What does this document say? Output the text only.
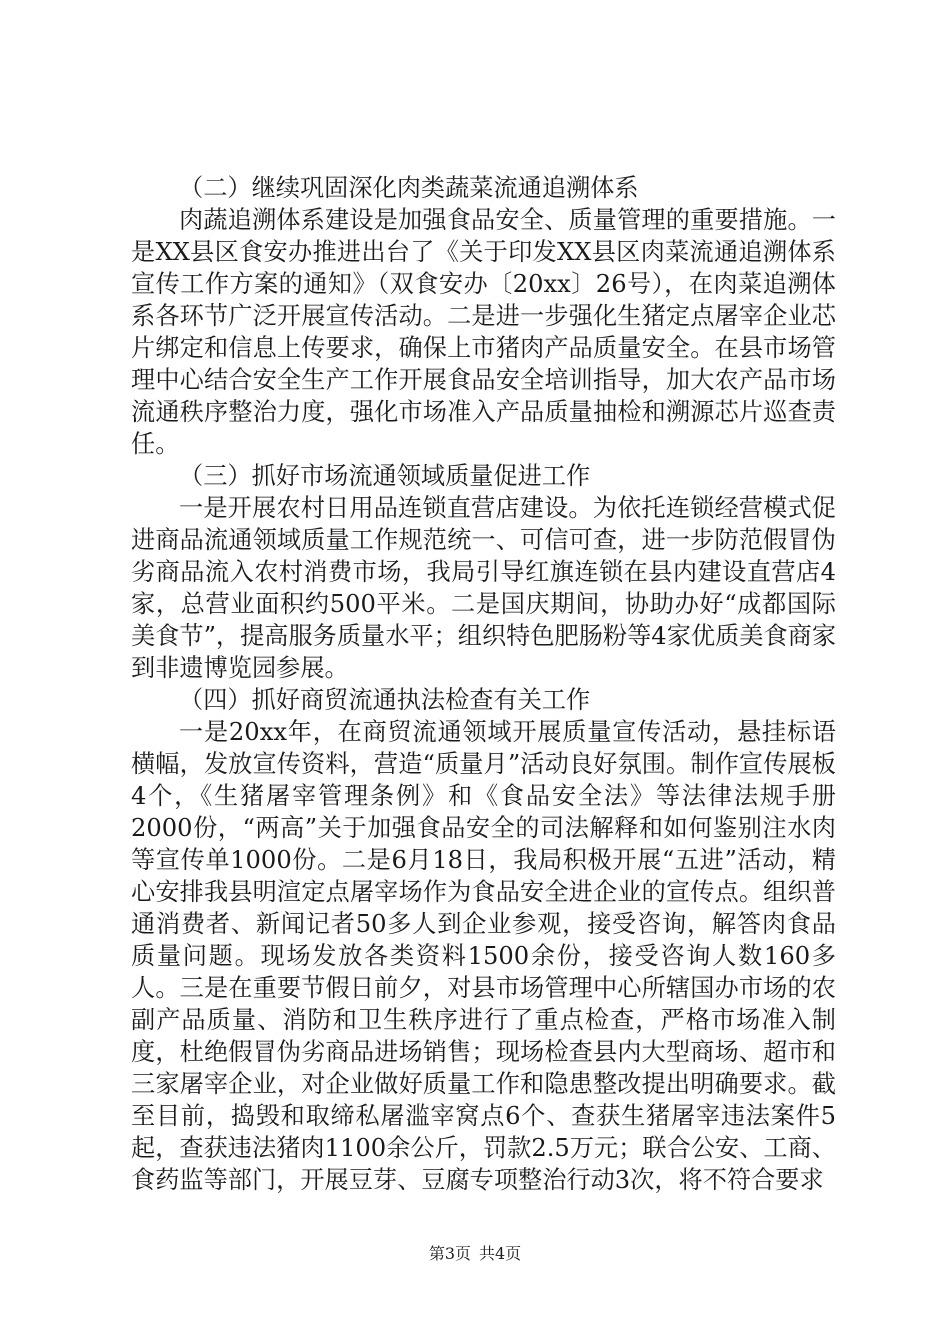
（二）继续巩固深化肉类蔬菜流通追溯体系

肉蔬追溯体系建设是加强食品安全、质量管理的重要措施。一是XX县区食安办推进出台了《关于印发XX县区肉菜流通追溯体系宣传工作方案的通知》（双食安办〔20xx〕26号），在肉菜追溯体系各环节广泛开展宣传活动。二是进一步强化生猪定点屠宰企业芯片绑定和信息上传要求，确保上市猪肉产品质量安全。在县市场管理中心结合安全生产工作开展食品安全培训指导，加大农产品市场流通秩序整治力度，强化市场准入产品质量抽检和溯源芯片巡查责任。

（三）抓好市场流通领域质量促进工作

一是开展农村日用品连锁直营店建设。为依托连锁经营模式促进商品流通领域质量工作规范统一、可信可查，进一步防范假冒伪劣商品流入农村消费市场，我局引导红旗连锁在县内建设直营店4家，总营业面积约500平米。二是国庆期间，协助办好“成都国际美食节”，提高服务质量水平；组织特色肥肠粉等4家优质美食商家到非遗博览园参展。

（四）抓好商贸流通执法检查有关工作

一是20xx年，在商贸流通领域开展质量宣传活动，悬挂标语横幅，发放宣传资料，营造“质量月”活动良好氛围。制作宣传展板4个，《生猪屠宰管理条例》和《食品安全法》等法律法规手册2000份，“两高”关于加强食品安全的司法解释和如何鉴别注水肉等宣传单1000份。二是6月18日，我局积极开展“五进”活动，精心安排我县明渲定点屠宰场作为食品安全进企业的宣传点。组织普通消费者、新闻记者50多人到企业参观，接受咨询，解答肉食品质量问题。现场发放各类资料1500余份，接受咨询人数160多人。三是在重要节假日前夕，对县市场管理中心所辖国办市场的农副产品质量、消防和卫生秩序进行了重点检查，严格市场准入制度，杜绝假冒伪劣商品进场销售；现场检查县内大型商场、超市和三家屠宰企业，对企业做好质量工作和隐患整改提出明确要求。截至目前，捣毁和取缔私屠滥宰窝点6个、查获生猪屠宰违法案件5起，查获违法猪肉1100余公斤，罚款2.5万元；联合公安、工商、食药监等部门，开展豆芽、豆腐专项整治行动3次，将不符合要求

第3页 共4页
